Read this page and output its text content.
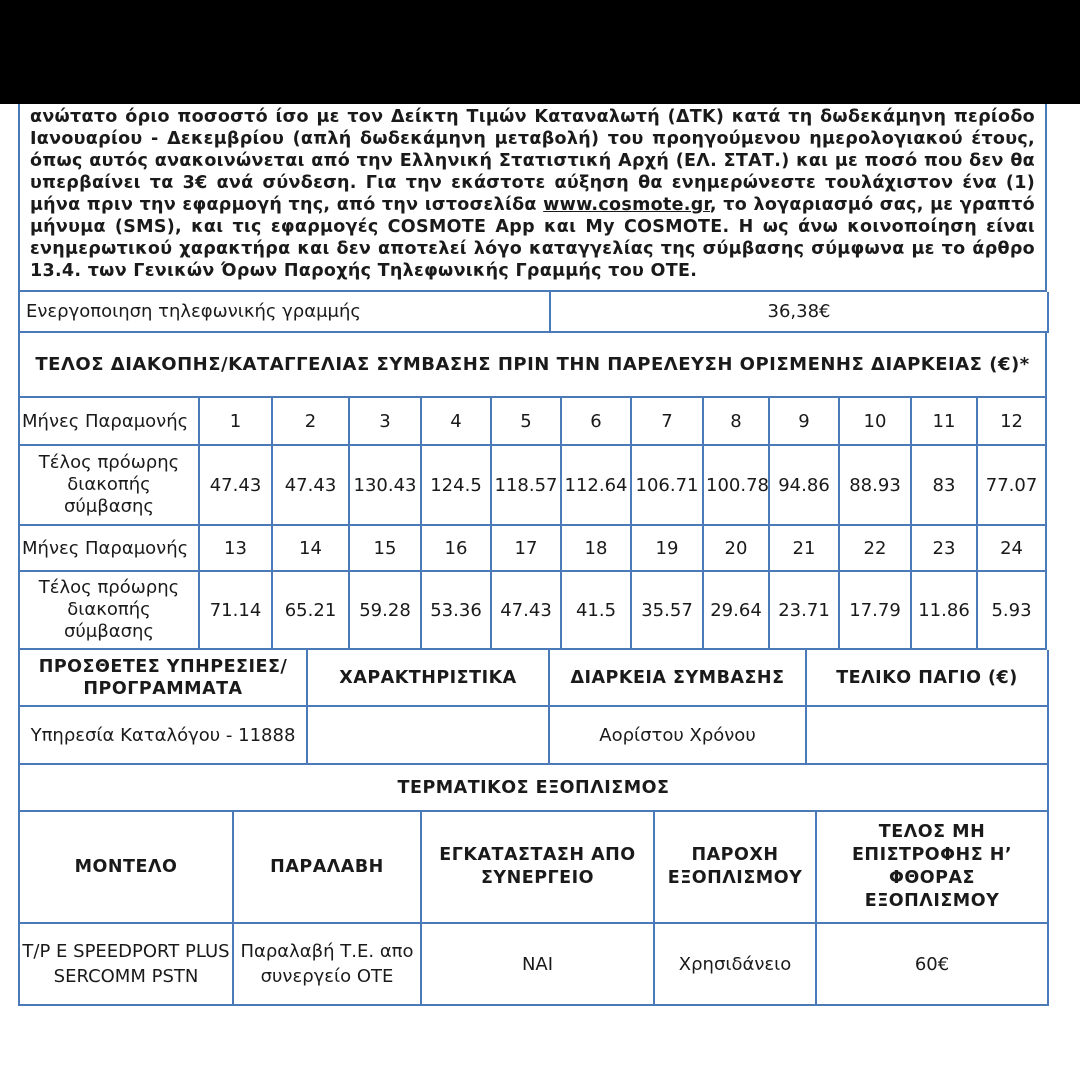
ανώτατο όριο ποσοστό ίσο με τον Δείκτη Τιμών Καταναλωτή (ΔΤΚ) κατά τη δωδεκάμηνη περίοδο Ιανουαρίου - Δεκεμβρίου (απλή δωδεκάμηνη μεταβολή) του προηγούμενου ημερολογιακού έτους, όπως αυτός ανακοινώνεται από την Ελληνική Στατιστική Αρχή (ΕΛ. ΣΤΑΤ.) και με ποσό που δεν θα υπερβαίνει τα 3€ ανά σύνδεση. Για την εκάστοτε αύξηση θα ενημερώνεστε τουλάχιστον ένα (1) μήνα πριν την εφαρμογή της, από την ιστοσελίδα www.cosmote.gr, το λογαριασμό σας, με γραπτό μήνυμα (SMS), και τις εφαρμογές COSMOTE App και My COSMOTE. Η ως άνω κοινοποίηση είναι ενημερωτικού χαρακτήρα και δεν αποτελεί λόγο καταγγελίας της σύμβασης σύμφωνα με το άρθρο 13.4. των Γενικών Όρων Παροχής Τηλεφωνικής Γραμμής του ΟΤΕ.
Ενεργοποιηση τηλεφωνικής γραμμής	36,38€
ΤΕΛΟΣ ΔΙΑΚΟΠΗΣ/ΚΑΤΑΓΓΕΛΙΑΣ ΣΥΜΒΑΣΗΣ ΠΡΙΝ ΤΗΝ ΠΑΡΕΛΕΥΣΗ ΟΡΙΣΜΕΝΗΣ ΔΙΑΡΚΕΙΑΣ (€)*												
Μήνες Παραμονής	1	2	3	4	5	6	7	8	9	10	11	12
Τέλος πρόωρης διακοπής σύμβασης	47.43	47.43	130.43	124.5	118.57	112.64	106.71	100.78	94.86	88.93	83	77.07
Μήνες Παραμονής	13	14	15	16	17	18	19	20	21	22	23	24
Τέλος πρόωρης διακοπής σύμβασης	71.14	65.21	59.28	53.36	47.43	41.5	35.57	29.64	23.71	17.79	11.86	5.93
ΠΡΟΣΘΕΤΕΣ ΥΠΗΡΕΣΙΕΣ/ ΠΡΟΓΡΑΜΜΑΤΑ	ΧΑΡΑΚΤΗΡΙΣΤΙΚΑ	ΔΙΑΡΚΕΙΑ ΣΥΜΒΑΣΗΣ	ΤΕΛΙΚΟ ΠΑΓΙΟ (€)
Υπηρεσία Καταλόγου - 11888		Αορίστου Χρόνου	
ΤΕΡΜΑΤΙΚΟΣ ΕΞΟΠΛΙΣΜΟΣ				
ΜΟΝΤΕΛΟ	ΠΑΡΑΛΑΒΗ	ΕΓΚΑΤΑΣΤΑΣΗ ΑΠΟ ΣΥΝΕΡΓΕΙΟ	ΠΑΡΟΧΗ ΕΞΟΠΛΙΣΜΟΥ	ΤΕΛΟΣ ΜΗ ΕΠΙΣΤΡΟΦΗΣ Η’ ΦΘΟΡΑΣ ΕΞΟΠΛΙΣΜΟΥ
T/P E SPEEDPORT PLUS SERCOMM PSTN	Παραλαβή Τ.Ε. απο συνεργείο ΟΤΕ	ΝΑΙ	Χρησιδάνειο	60€
